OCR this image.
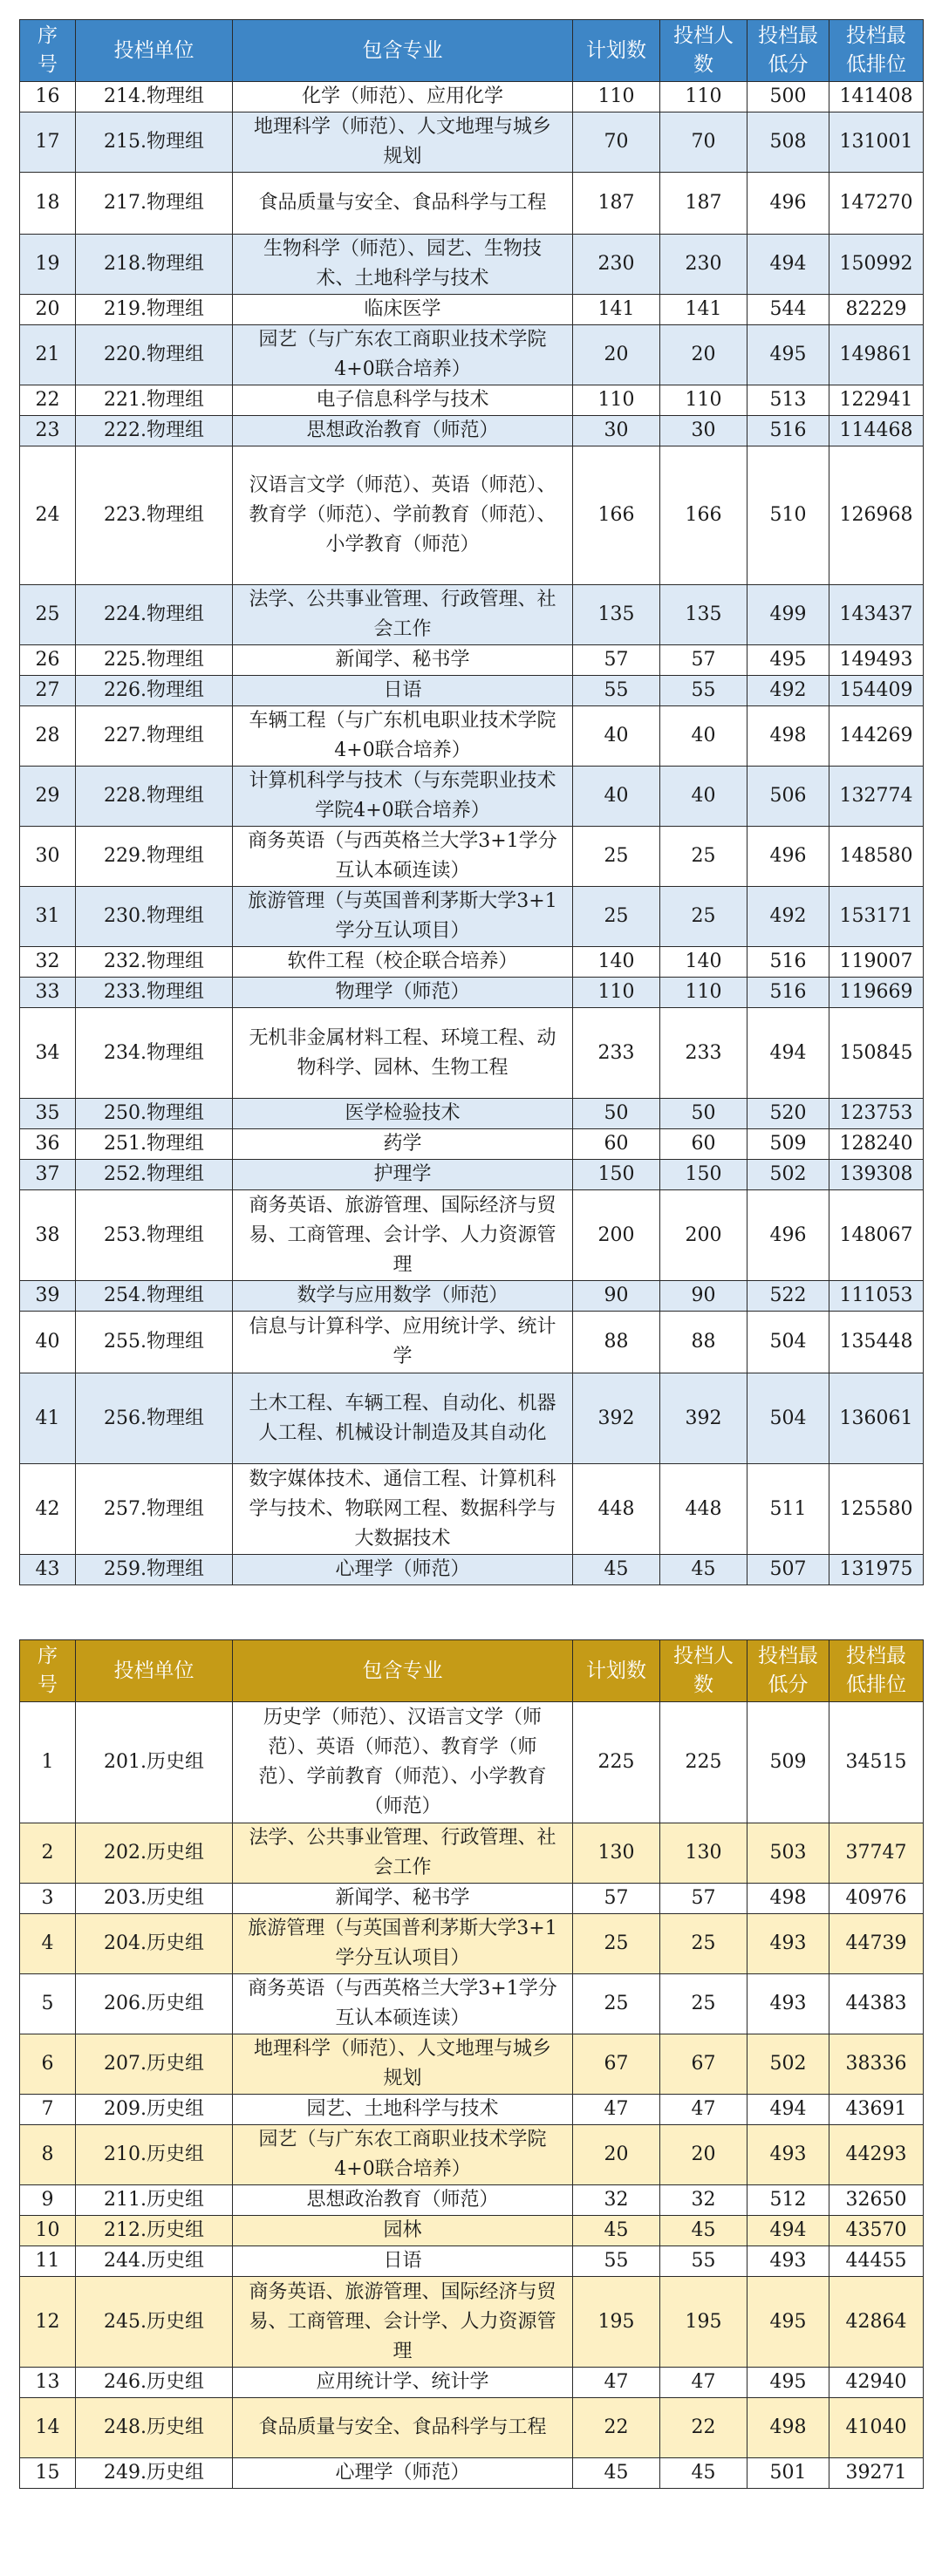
序号	投档单位	包含专业	计划数	投档人数	投档最低分	投档最低排位
16	214.物理组	化学（师范）、应用化学	110	110	500	141408
17	215.物理组	地理科学（师范）、人文地理与城乡规划	70	70	508	131001
18	217.物理组	食品质量与安全、食品科学与工程	187	187	496	147270
19	218.物理组	生物科学（师范）、园艺、生物技术、土地科学与技术	230	230	494	150992
20	219.物理组	临床医学	141	141	544	82229
21	220.物理组	园艺（与广东农工商职业技术学院4+0联合培养）	20	20	495	149861
22	221.物理组	电子信息科学与技术	110	110	513	122941
23	222.物理组	思想政治教育（师范）	30	30	516	114468
24	223.物理组	汉语言文学（师范）、英语（师范）、教育学（师范）、学前教育（师范）、小学教育（师范）	166	166	510	126968
25	224.物理组	法学、公共事业管理、行政管理、社会工作	135	135	499	143437
26	225.物理组	新闻学、秘书学	57	57	495	149493
27	226.物理组	日语	55	55	492	154409
28	227.物理组	车辆工程（与广东机电职业技术学院4+0联合培养）	40	40	498	144269
29	228.物理组	计算机科学与技术（与东莞职业技术学院4+0联合培养）	40	40	506	132774
30	229.物理组	商务英语（与西英格兰大学3+1学分互认本硕连读）	25	25	496	148580
31	230.物理组	旅游管理（与英国普利茅斯大学3+1学分互认项目）	25	25	492	153171
32	232.物理组	软件工程（校企联合培养）	140	140	516	119007
33	233.物理组	物理学（师范）	110	110	516	119669
34	234.物理组	无机非金属材料工程、环境工程、动物科学、园林、生物工程	233	233	494	150845
35	250.物理组	医学检验技术	50	50	520	123753
36	251.物理组	药学	60	60	509	128240
37	252.物理组	护理学	150	150	502	139308
38	253.物理组	商务英语、旅游管理、国际经济与贸易、工商管理、会计学、人力资源管理	200	200	496	148067
39	254.物理组	数学与应用数学（师范）	90	90	522	111053
40	255.物理组	信息与计算科学、应用统计学、统计学	88	88	504	135448
41	256.物理组	土木工程、车辆工程、自动化、机器人工程、机械设计制造及其自动化	392	392	504	136061
42	257.物理组	数字媒体技术、通信工程、计算机科学与技术、物联网工程、数据科学与大数据技术	448	448	511	125580
43	259.物理组	心理学（师范）	45	45	507	131975
序号	投档单位	包含专业	计划数	投档人数	投档最低分	投档最低排位
1	201.历史组	历史学（师范）、汉语言文学（师范）、英语（师范）、教育学（师范）、学前教育（师范）、小学教育（师范）	225	225	509	34515
2	202.历史组	法学、公共事业管理、行政管理、社会工作	130	130	503	37747
3	203.历史组	新闻学、秘书学	57	57	498	40976
4	204.历史组	旅游管理（与英国普利茅斯大学3+1学分互认项目）	25	25	493	44739
5	206.历史组	商务英语（与西英格兰大学3+1学分互认本硕连读）	25	25	493	44383
6	207.历史组	地理科学（师范）、人文地理与城乡规划	67	67	502	38336
7	209.历史组	园艺、土地科学与技术	47	47	494	43691
8	210.历史组	园艺（与广东农工商职业技术学院4+0联合培养）	20	20	493	44293
9	211.历史组	思想政治教育（师范）	32	32	512	32650
10	212.历史组	园林	45	45	494	43570
11	244.历史组	日语	55	55	493	44455
12	245.历史组	商务英语、旅游管理、国际经济与贸易、工商管理、会计学、人力资源管理	195	195	495	42864
13	246.历史组	应用统计学、统计学	47	47	495	42940
14	248.历史组	食品质量与安全、食品科学与工程	22	22	498	41040
15	249.历史组	心理学（师范）	45	45	501	39271
